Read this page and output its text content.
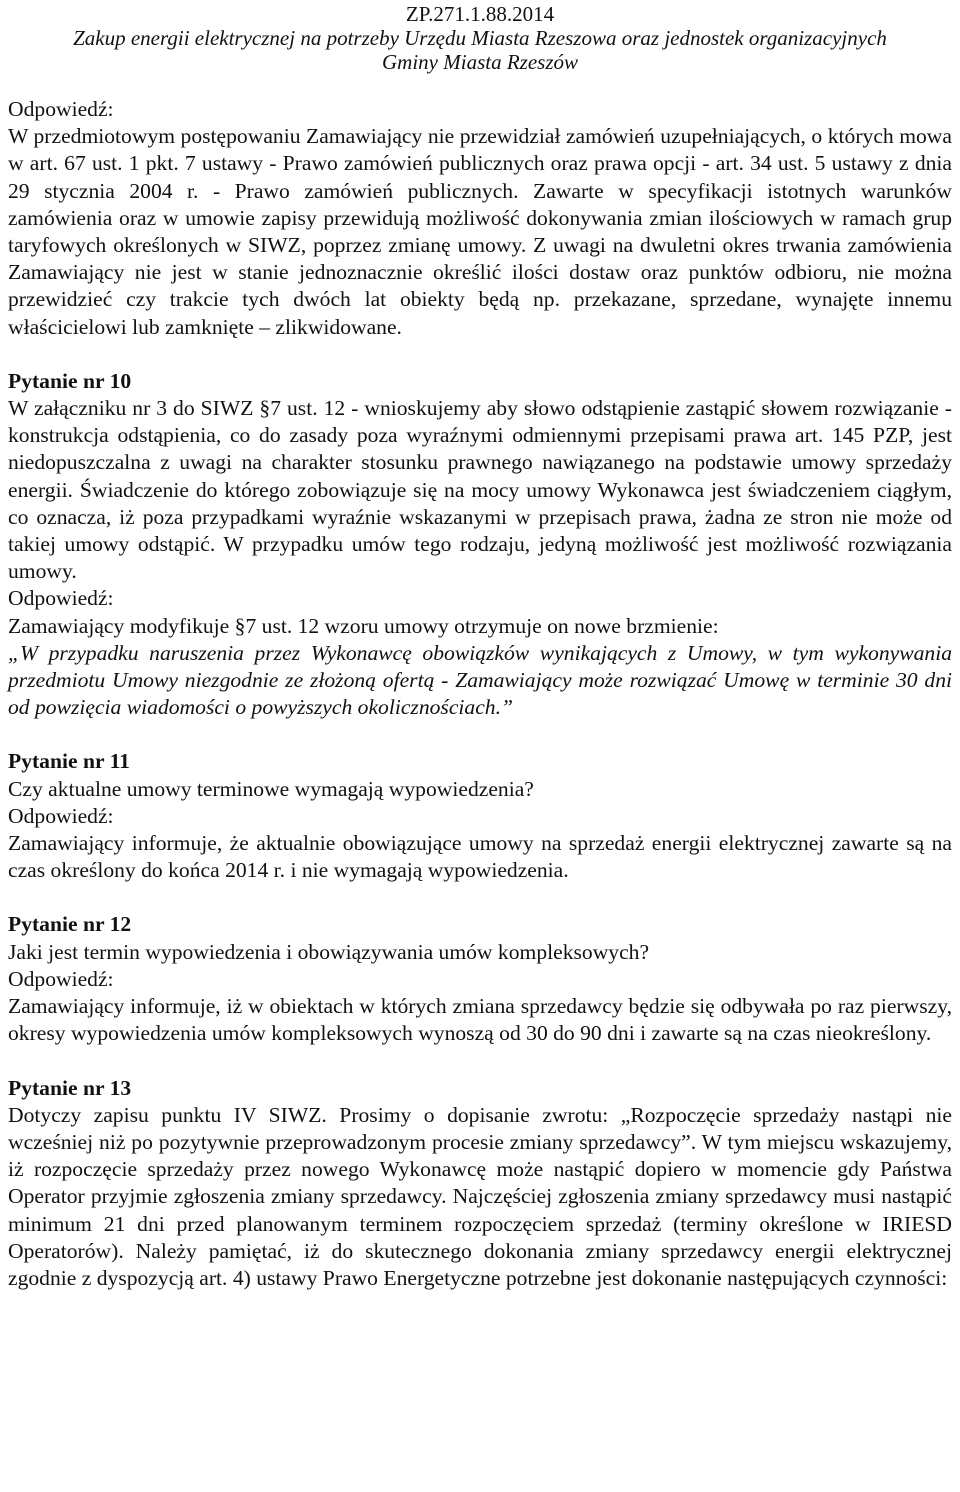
ZP.271.1.88.2014
Zakup energii elektrycznej na potrzeby Urzędu Miasta Rzeszowa oraz jednostek organizacyjnych
Gminy Miasta Rzeszów

Odpowiedź:

W przedmiotowym postępowaniu Zamawiający nie przewidział zamówień uzupełniających, o których mowa w art. 67 ust. 1 pkt. 7 ustawy - Prawo zamówień publicznych oraz prawa opcji - art. 34 ust. 5 ustawy z dnia 29 stycznia 2004 r. - Prawo zamówień publicznych. Zawarte w specyfikacji istotnych warunków zamówienia oraz w umowie zapisy przewidują możliwość dokonywania zmian ilościowych w ramach grup taryfowych określonych w SIWZ, poprzez zmianę umowy. Z uwagi na dwuletni okres trwania zamówienia Zamawiający nie jest w stanie jednoznacznie określić ilości dostaw oraz punktów odbioru, nie można przewidzieć czy trakcie tych dwóch lat obiekty będą np. przekazane, sprzedane, wynajęte innemu właścicielowi lub zamknięte – zlikwidowane.

Pytanie nr 10

W załączniku nr 3 do SIWZ §7 ust. 12 - wnioskujemy aby słowo odstąpienie zastąpić słowem rozwiązanie - konstrukcja odstąpienia, co do zasady poza wyraźnymi odmiennymi przepisami prawa art. 145 PZP, jest niedopuszczalna z uwagi na charakter stosunku prawnego nawiązanego na podstawie umowy sprzedaży energii. Świadczenie do którego zobowiązuje się na mocy umowy Wykonawca jest świadczeniem ciągłym, co oznacza, iż poza przypadkami wyraźnie wskazanymi w przepisach prawa, żadna ze stron nie może od takiej umowy odstąpić. W przypadku umów tego rodzaju, jedyną możliwość jest możliwość rozwiązania umowy.

Odpowiedź:

Zamawiający modyfikuje §7 ust. 12 wzoru umowy otrzymuje on nowe brzmienie:

„W przypadku naruszenia przez Wykonawcę obowiązków wynikających z Umowy, w tym wykonywania przedmiotu Umowy niezgodnie ze złożoną ofertą - Zamawiający może rozwiązać Umowę w terminie 30 dni od powzięcia wiadomości o powyższych okolicznościach.”

Pytanie nr 11

Czy aktualne umowy terminowe wymagają wypowiedzenia?

Odpowiedź:

Zamawiający informuje, że aktualnie obowiązujące umowy na sprzedaż energii elektrycznej zawarte są na czas określony do końca 2014 r. i nie wymagają wypowiedzenia.

Pytanie nr 12

Jaki jest termin wypowiedzenia i obowiązywania umów kompleksowych?

Odpowiedź:

Zamawiający informuje, iż w obiektach w których zmiana sprzedawcy będzie się odbywała po raz pierwszy, okresy wypowiedzenia umów kompleksowych wynoszą od 30 do 90 dni i zawarte są na czas nieokreślony.

Pytanie nr 13

Dotyczy zapisu punktu IV SIWZ. Prosimy o dopisanie zwrotu: „Rozpoczęcie sprzedaży nastąpi nie wcześniej niż po pozytywnie przeprowadzonym procesie zmiany sprzedawcy”. W tym miejscu wskazujemy, iż rozpoczęcie sprzedaży przez nowego Wykonawcę może nastąpić dopiero w momencie gdy Państwa Operator przyjmie zgłoszenia zmiany sprzedawcy. Najczęściej zgłoszenia zmiany sprzedawcy musi nastąpić minimum 21 dni przed planowanym terminem rozpoczęciem sprzedaż (terminy określone w IRIESD Operatorów). Należy pamiętać, iż do skutecznego dokonania zmiany sprzedawcy energii elektrycznej zgodnie z dyspozycją art. 4) ustawy Prawo Energetyczne potrzebne jest dokonanie następujących czynności:
